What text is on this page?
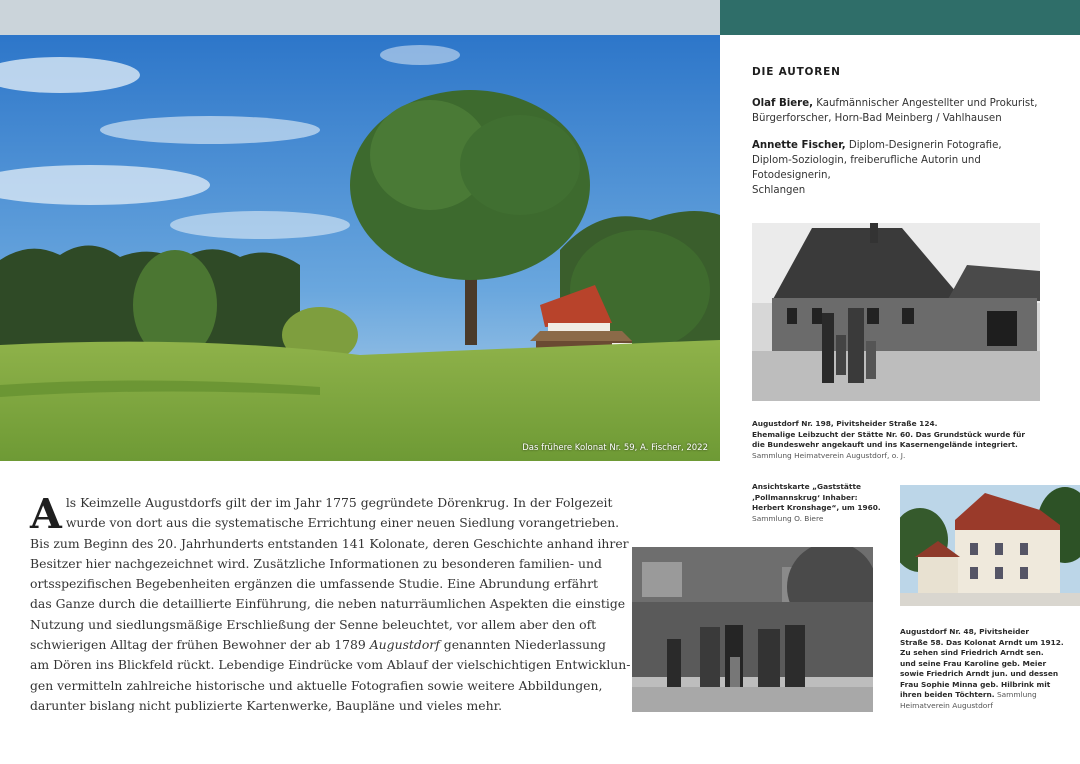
Das frühere Kolonat Nr. 59, A. Fischer, 2022
DIE AUTOREN
Olaf Biere, Kaufmännischer Angestellter und Prokurist,
Bürgerforscher, Horn-Bad Meinberg / Vahlhausen
Annette Fischer, Diplom-Designerin Fotografie,
Diplom-Soziologin, freiberufliche Autorin und Fotodesignerin,
Schlangen
Augustdorf Nr. 198, Pivitsheider Straße 124.
Ehemalige Leibzucht der Stätte Nr. 60. Das Grundstück wurde für
die Bundeswehr angekauft und ins Kasernengelände integriert.
Sammlung Heimatverein Augustdorf, o. J.
Ansichtskarte „Gaststätte
‚Pollmannskrug‘ Inhaber:
Herbert Kronshage“, um 1960.
Sammlung O. Biere
Augustdorf Nr. 48, Pivitsheider
Straße 58. Das Kolonat Arndt um 1912.
Zu sehen sind Friedrich Arndt sen.
und seine Frau Karoline geb. Meier
sowie Friedrich Arndt jun. und dessen
Frau Sophie Minna geb. Hilbrink mit
ihren beiden Töchtern. Sammlung
Heimatverein Augustdorf
A ls Keimzelle Augustdorfs gilt der im Jahr 1775 gegründete Dörenkrug. In der Folgezeit
wurde von dort aus die systematische Errichtung einer neuen Siedlung vorangetrieben.
Bis zum Beginn des 20. Jahrhunderts entstanden 141 Kolonate, deren Geschichte anhand ihrer
Besitzer hier nachgezeichnet wird. Zusätzliche Informationen zu besonderen familien- und
ortsspezifischen Begebenheiten ergänzen die umfassende Studie. Eine Abrundung erfährt
das Ganze durch die detaillierte Einführung, die neben naturräumlichen Aspekten die einstige
Nutzung und siedlungsmäßige Erschließung der Senne beleuchtet, vor allem aber den oft
schwierigen Alltag der frühen Bewohner der ab 1789 Augustdorf genannten Niederlassung
am Dören ins Blickfeld rückt. Lebendige Eindrücke vom Ablauf der vielschichtigen Entwicklun-
gen vermitteln zahlreiche historische und aktuelle Fotografien sowie weitere Abbildungen,
darunter bislang nicht publizierte Kartenwerke, Baupläne und vieles mehr.
